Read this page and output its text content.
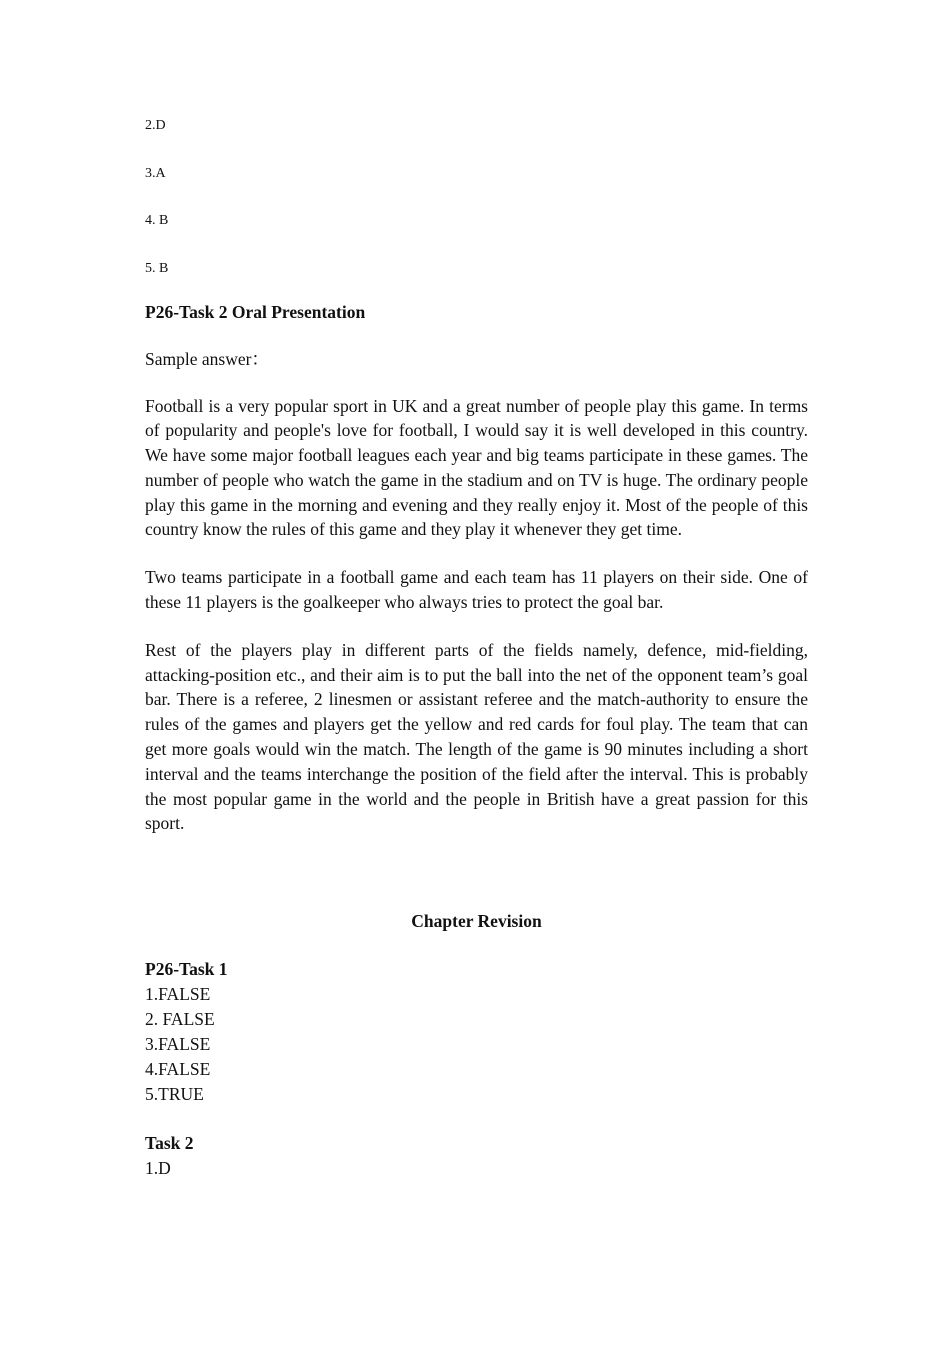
2.D
3.A
4. B
5. B
P26-Task 2 Oral Presentation
Sample answer：
Football is a very popular sport in UK and a great number of people play this game. In terms of popularity and people's love for football, I would say it is well developed in this country. We have some major football leagues each year and big teams participate in these games. The number of people who watch the game in the stadium and on TV is huge. The ordinary people play this game in the morning and evening and they really enjoy it. Most of the people of this country know the rules of this game and they play it whenever they get time.
Two teams participate in a football game and each team has 11 players on their side. One of these 11 players is the goalkeeper who always tries to protect the goal bar.
Rest of the players play in different parts of the fields namely, defence, mid-fielding, attacking-position etc., and their aim is to put the ball into the net of the opponent team’s goal bar. There is a referee, 2 linesmen or assistant referee and the match-authority to ensure the rules of the games and players get the yellow and red cards for foul play. The team that can get more goals would win the match. The length of the game is 90 minutes including a short interval and the teams interchange the position of the field after the interval. This is probably the most popular game in the world and the people in British have a great passion for this sport.
Chapter Revision
P26-Task 1
1.FALSE
2. FALSE
3.FALSE
4.FALSE
5.TRUE
Task 2
1.D
